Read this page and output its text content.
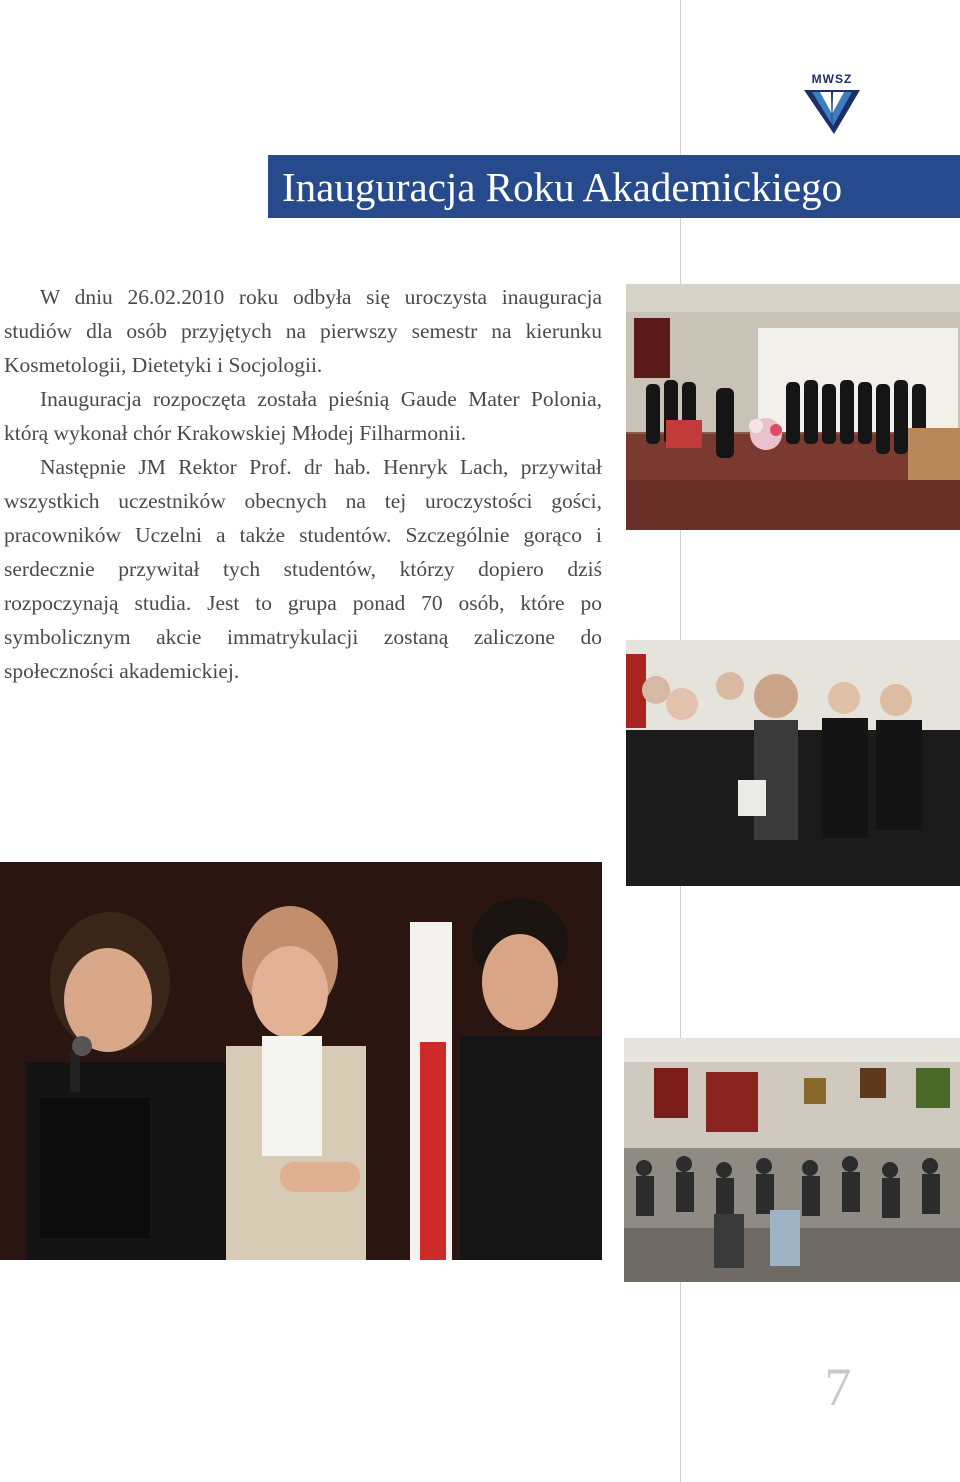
MWSZ
Inauguracja Roku Akademickiego

W dniu 26.02.2010 roku odbyła się uroczysta inauguracja studiów dla osób przyjętych na pierwszy semestr na kierunku Kosmetologii, Dietetyki i Socjologii.

Inauguracja rozpoczęta została pieśnią Gaude Mater Polonia, którą wykonał chór Krakowskiej Młodej Filharmonii.

Następnie JM Rektor Prof. dr hab. Henryk Lach, przywitał wszystkich uczestników obecnych na tej uroczystości gości, pracowników Uczelni a także studentów. Szczególnie gorąco i serdecznie przywitał tych studentów, którzy dopiero dziś rozpoczynają studia. Jest to grupa ponad 70 osób, które po symbolicznym akcie immatrykulacji zostaną zaliczone do społeczności akademickiej.

7
